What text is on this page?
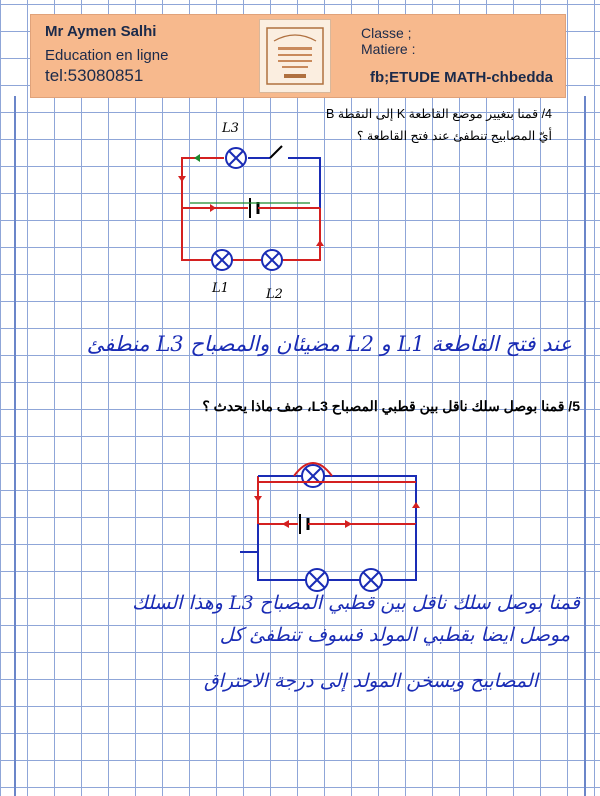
Mr Aymen Salhi
Education en ligne
tel:53080851
Classe ;
Matiere :
fb;ETUDE MATH-chbedda
4/ قمنا بتغيير موضع القاطعة K إلى النقطة B
أيّ المصابيح تنطفئ عند فتح القاطعة ؟
L3
L1	L2
عند فتح القاطعة L1 و L2 مضيئان والمصباح L3 منطفئ
5/ قمنا بوصل سلك ناقل بين قطبي المصباح L3، صف ماذا يحدث ؟
قمنا بوصل سلك ناقل بين قطبي المصباح L3 وهذا السلك
موصل ايضا بقطبي المولد فسوف تنطفئ كل
المصابيح ويسخن المولد إلى درجة الاحتراق
